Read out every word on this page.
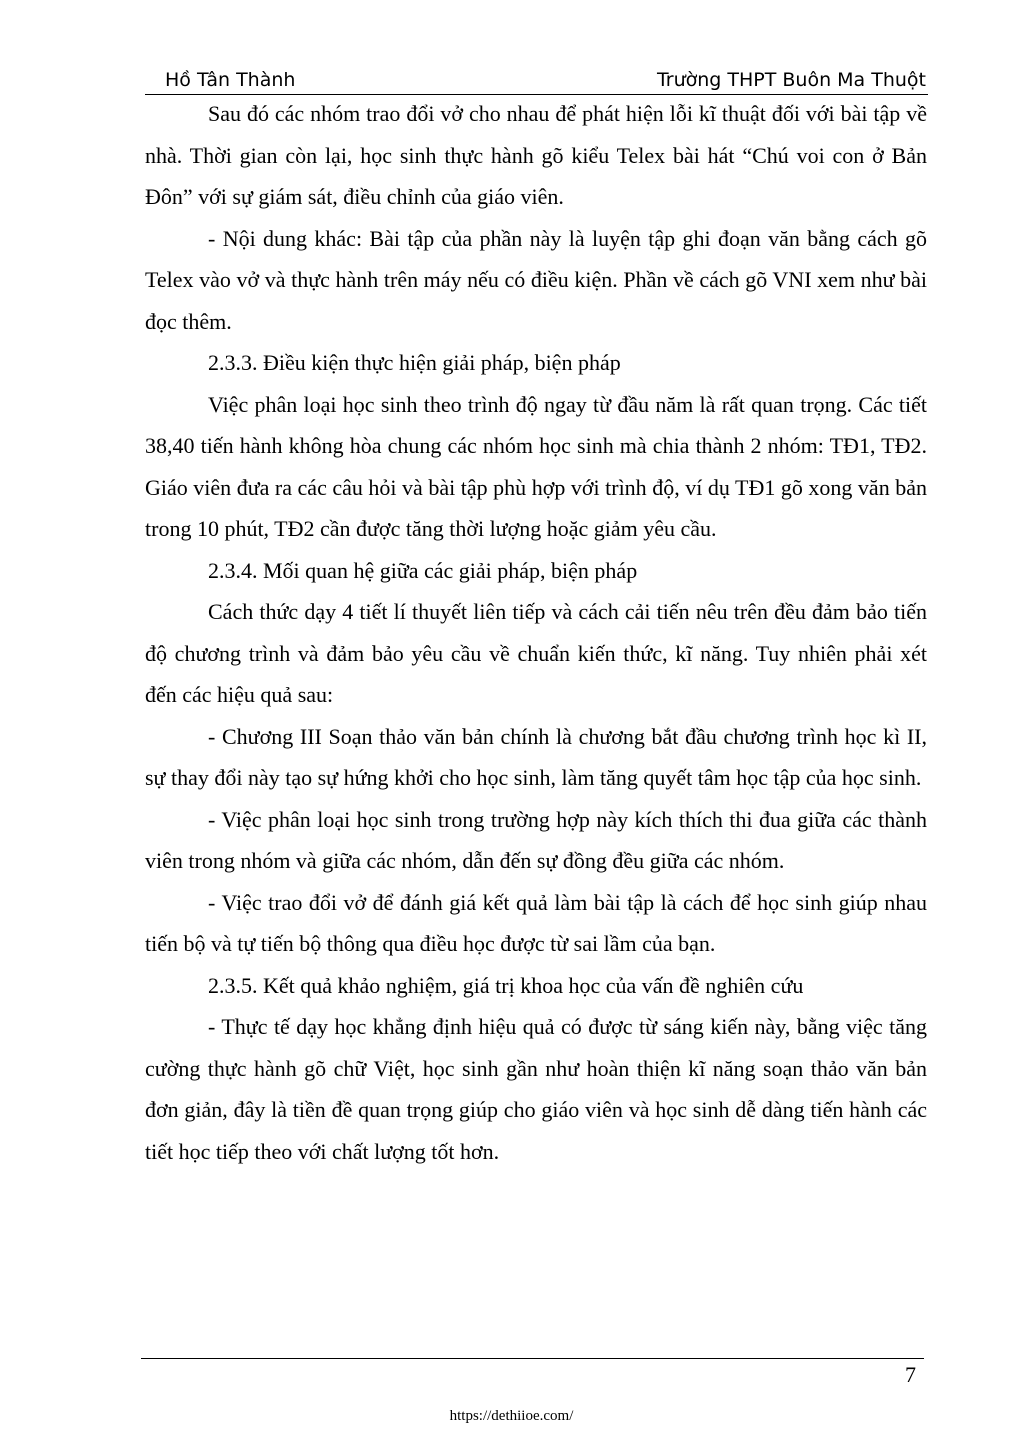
Hồ Tân Thành	Trường THPT Buôn Ma Thuột

Sau đó các nhóm trao đổi vở cho nhau để phát hiện lỗi kĩ thuật đối với bài tập về nhà. Thời gian còn lại, học sinh thực hành gõ kiểu Telex bài hát “Chú voi con ở Bản Đôn” với sự giám sát, điều chỉnh của giáo viên.

- Nội dung khác: Bài tập của phần này là luyện tập ghi đoạn văn bằng cách gõ Telex vào vở và thực hành trên máy nếu có điều kiện. Phần về cách gõ VNI xem như bài đọc thêm.

2.3.3. Điều kiện thực hiện giải pháp, biện pháp

Việc phân loại học sinh theo trình độ ngay từ đầu năm là rất quan trọng. Các tiết 38,40 tiến hành không hòa chung các nhóm học sinh mà chia thành 2 nhóm: TĐ1, TĐ2. Giáo viên đưa ra các câu hỏi và bài tập phù hợp với trình độ, ví dụ TĐ1 gõ xong văn bản trong 10 phút, TĐ2 cần được tăng thời lượng hoặc giảm yêu cầu.

2.3.4. Mối quan hệ giữa các giải pháp, biện pháp

Cách thức dạy 4 tiết lí thuyết liên tiếp và cách cải tiến nêu trên đều đảm bảo tiến độ chương trình và đảm bảo yêu cầu về chuẩn kiến thức, kĩ năng. Tuy nhiên phải xét đến các hiệu quả sau:

- Chương III Soạn thảo văn bản chính là chương bắt đầu chương trình học kì II, sự thay đổi này tạo sự hứng khởi cho học sinh, làm tăng quyết tâm học tập của học sinh.

- Việc phân loại học sinh trong trường hợp này kích thích thi đua giữa các thành viên trong nhóm và giữa các nhóm, dẫn đến sự đồng đều giữa các nhóm.

- Việc trao đổi vở để đánh giá kết quả làm bài tập là cách để học sinh giúp nhau tiến bộ và tự tiến bộ thông qua điều học được từ sai lầm của bạn.

2.3.5. Kết quả khảo nghiệm, giá trị khoa học của vấn đề nghiên cứu

- Thực tế dạy học khẳng định hiệu quả có được từ sáng kiến này, bằng việc tăng cường thực hành gõ chữ Việt, học sinh gần như hoàn thiện kĩ năng soạn thảo văn bản đơn giản, đây là tiền đề quan trọng giúp cho giáo viên và học sinh dễ dàng tiến hành các tiết học tiếp theo với chất lượng tốt hơn.

7
https://dethiioe.com/
